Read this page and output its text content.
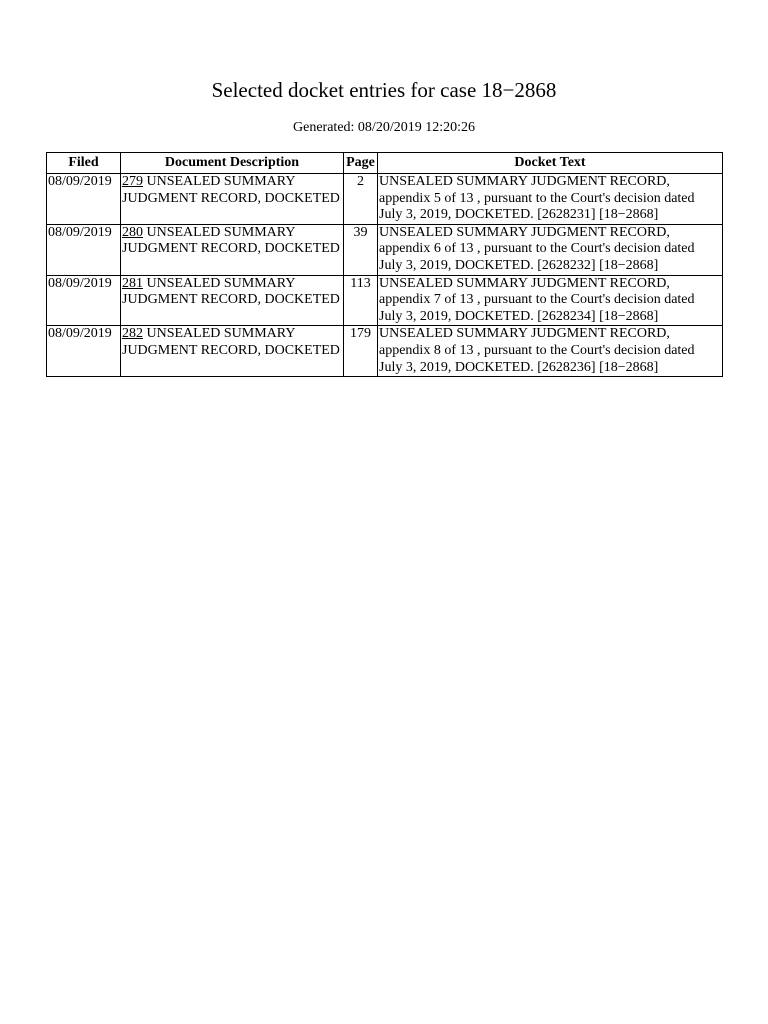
Selected docket entries for case 18−2868
Generated: 08/20/2019 12:20:26
Filed	Document Description	Page	Docket Text
08/09/2019	279 UNSEALED SUMMARY JUDGMENT RECORD, DOCKETED	2	UNSEALED SUMMARY JUDGMENT RECORD, appendix 5 of 13 , pursuant to the Court's decision dated July 3, 2019, DOCKETED. [2628231] [18−2868]
08/09/2019	280 UNSEALED SUMMARY JUDGMENT RECORD, DOCKETED	39	UNSEALED SUMMARY JUDGMENT RECORD, appendix 6 of 13 , pursuant to the Court's decision dated July 3, 2019, DOCKETED. [2628232] [18−2868]
08/09/2019	281 UNSEALED SUMMARY JUDGMENT RECORD, DOCKETED	113	UNSEALED SUMMARY JUDGMENT RECORD, appendix 7 of 13 , pursuant to the Court's decision dated July 3, 2019, DOCKETED. [2628234] [18−2868]
08/09/2019	282 UNSEALED SUMMARY JUDGMENT RECORD, DOCKETED	179	UNSEALED SUMMARY JUDGMENT RECORD, appendix 8 of 13 , pursuant to the Court's decision dated July 3, 2019, DOCKETED. [2628236] [18−2868]
